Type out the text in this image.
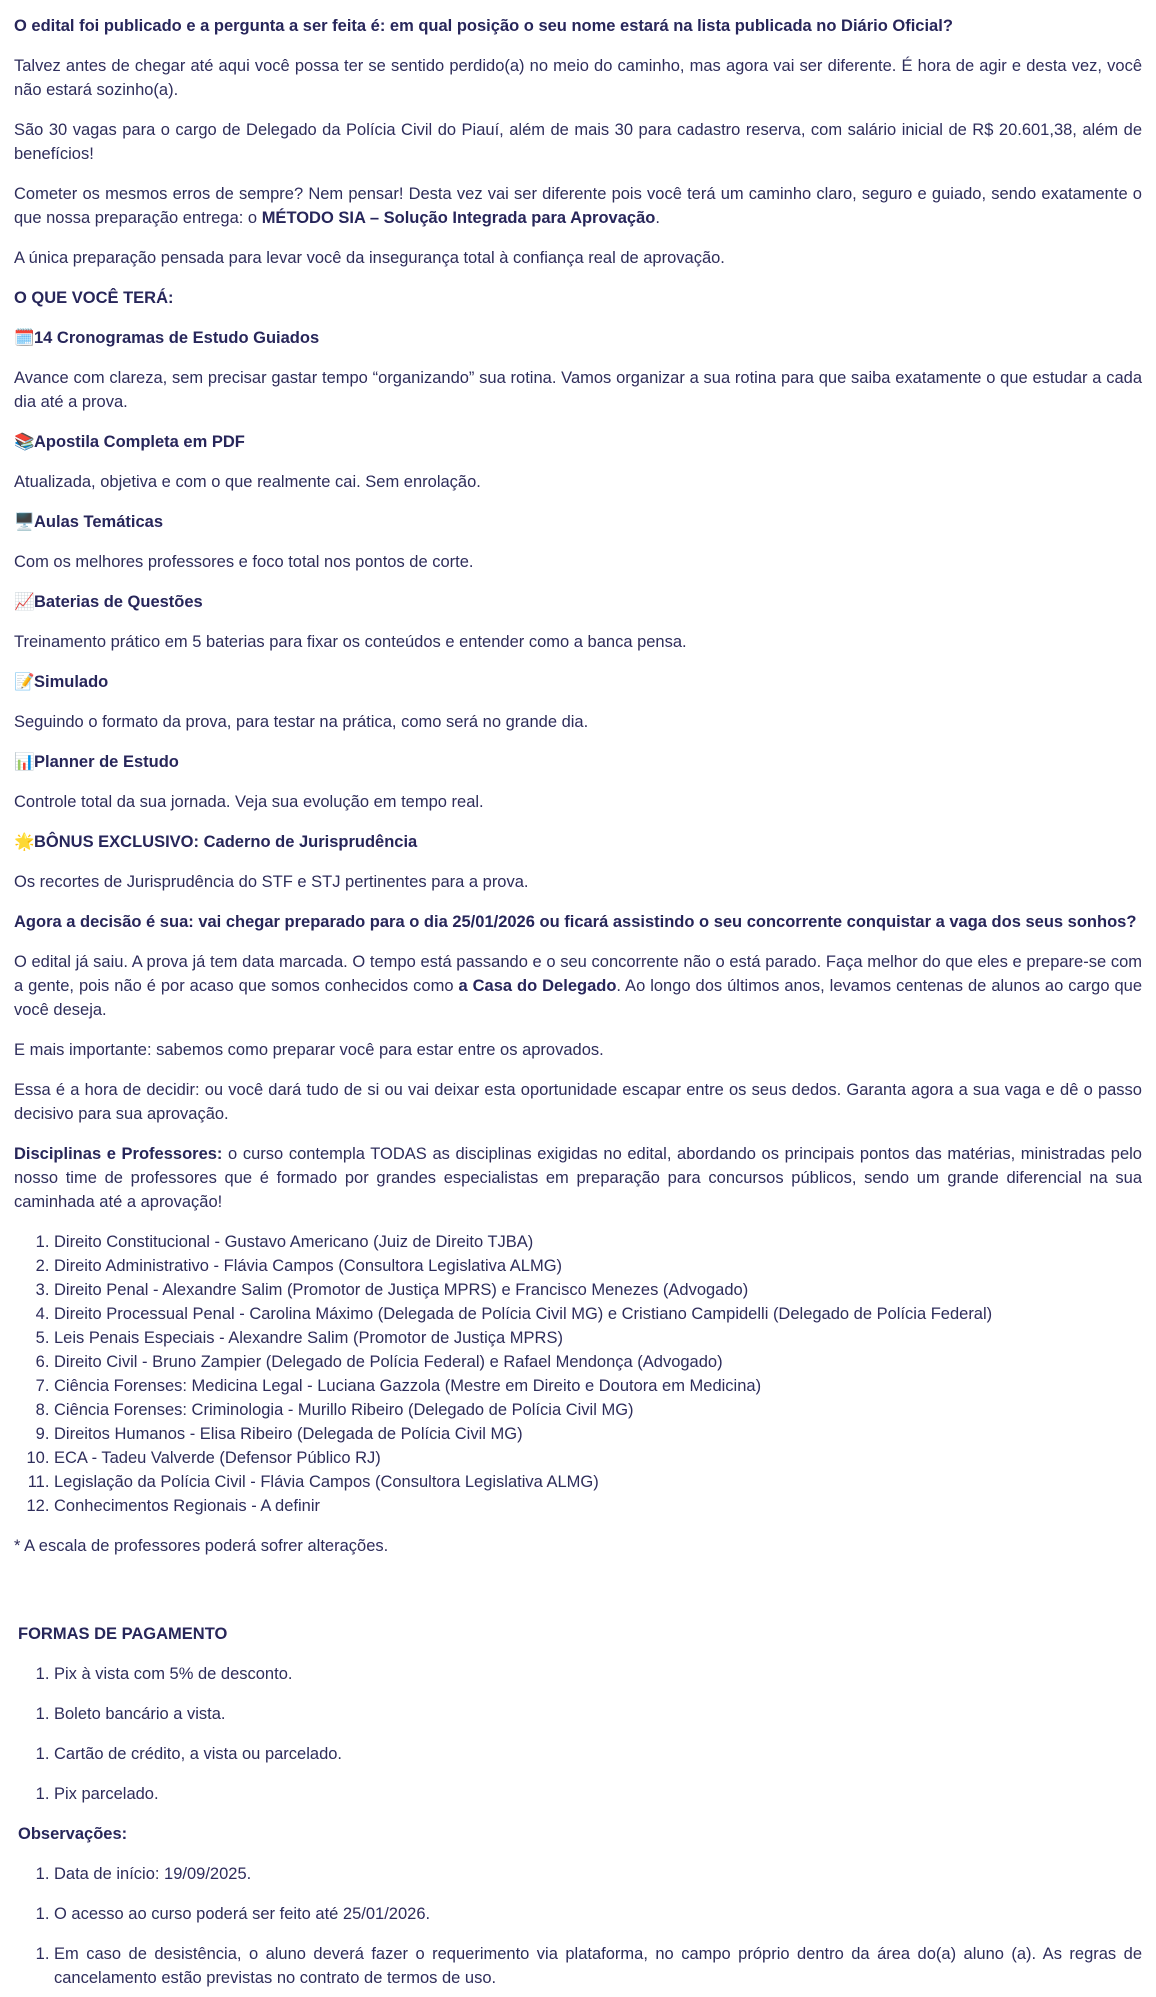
O edital foi publicado e a pergunta a ser feita é: em qual posição o seu nome estará na lista publicada no Diário Oficial?

Talvez antes de chegar até aqui você possa ter se sentido perdido(a) no meio do caminho, mas agora vai ser diferente. É hora de agir e desta vez, você não estará sozinho(a).

São 30 vagas para o cargo de Delegado da Polícia Civil do Piauí, além de mais 30 para cadastro reserva, com salário inicial de R$ 20.601,38, além de benefícios!

Cometer os mesmos erros de sempre? Nem pensar! Desta vez vai ser diferente pois você terá um caminho claro, seguro e guiado, sendo exatamente o que nossa preparação entrega: o MÉTODO SIA – Solução Integrada para Aprovação.

A única preparação pensada para levar você da insegurança total à confiança real de aprovação.

O QUE VOCÊ TERÁ:

🗓️14 Cronogramas de Estudo Guiados

Avance com clareza, sem precisar gastar tempo “organizando” sua rotina. Vamos organizar a sua rotina para que saiba exatamente o que estudar a cada dia até a prova.

📚Apostila Completa em PDF

Atualizada, objetiva e com o que realmente cai. Sem enrolação.

🖥️Aulas Temáticas

Com os melhores professores e foco total nos pontos de corte.

📈Baterias de Questões

Treinamento prático em 5 baterias para fixar os conteúdos e entender como a banca pensa.

📝Simulado

Seguindo o formato da prova, para testar na prática, como será no grande dia.

📊Planner de Estudo

Controle total da sua jornada. Veja sua evolução em tempo real.

🌟BÔNUS EXCLUSIVO: Caderno de Jurisprudência

Os recortes de Jurisprudência do STF e STJ pertinentes para a prova.

Agora a decisão é sua: vai chegar preparado para o dia 25/01/2026 ou ficará assistindo o seu concorrente conquistar a vaga dos seus sonhos?

O edital já saiu. A prova já tem data marcada. O tempo está passando e o seu concorrente não o está parado. Faça melhor do que eles e prepare-se com a gente, pois não é por acaso que somos conhecidos como a Casa do Delegado. Ao longo dos últimos anos, levamos centenas de alunos ao cargo que você deseja.

E mais importante: sabemos como preparar você para estar entre os aprovados.

Essa é a hora de decidir: ou você dará tudo de si ou vai deixar esta oportunidade escapar entre os seus dedos. Garanta agora a sua vaga e dê o passo decisivo para sua aprovação.

Disciplinas e Professores: o curso contempla TODAS as disciplinas exigidas no edital, abordando os principais pontos das matérias, ministradas pelo nosso time de professores que é formado por grandes especialistas em preparação para concursos públicos, sendo um grande diferencial na sua caminhada até a aprovação!

1. Direito Constitucional - Gustavo Americano (Juiz de Direito TJBA)
2. Direito Administrativo - Flávia Campos (Consultora Legislativa ALMG)
3. Direito Penal - Alexandre Salim (Promotor de Justiça MPRS) e Francisco Menezes (Advogado)
4. Direito Processual Penal - Carolina Máximo (Delegada de Polícia Civil MG) e Cristiano Campidelli (Delegado de Polícia Federal)
5. Leis Penais Especiais - Alexandre Salim (Promotor de Justiça MPRS)
6. Direito Civil - Bruno Zampier (Delegado de Polícia Federal) e Rafael Mendonça (Advogado)
7. Ciência Forenses: Medicina Legal - Luciana Gazzola (Mestre em Direito e Doutora em Medicina)
8. Ciência Forenses: Criminologia - Murillo Ribeiro (Delegado de Polícia Civil MG)
9. Direitos Humanos - Elisa Ribeiro (Delegada de Polícia Civil MG)
10. ECA - Tadeu Valverde (Defensor Público RJ)
11. Legislação da Polícia Civil - Flávia Campos (Consultora Legislativa ALMG)
12. Conhecimentos Regionais - A definir

* A escala de professores poderá sofrer alterações.

FORMAS DE PAGAMENTO

1. Pix à vista com 5% de desconto.
1. Boleto bancário a vista.
1. Cartão de crédito, a vista ou parcelado.
1. Pix parcelado.

Observações:

1. Data de início: 19/09/2025.
1. O acesso ao curso poderá ser feito até 25/01/2026.
1. Em caso de desistência, o aluno deverá fazer o requerimento via plataforma, no campo próprio dentro da área do(a) aluno (a). As regras de cancelamento estão previstas no contrato de termos de uso.
